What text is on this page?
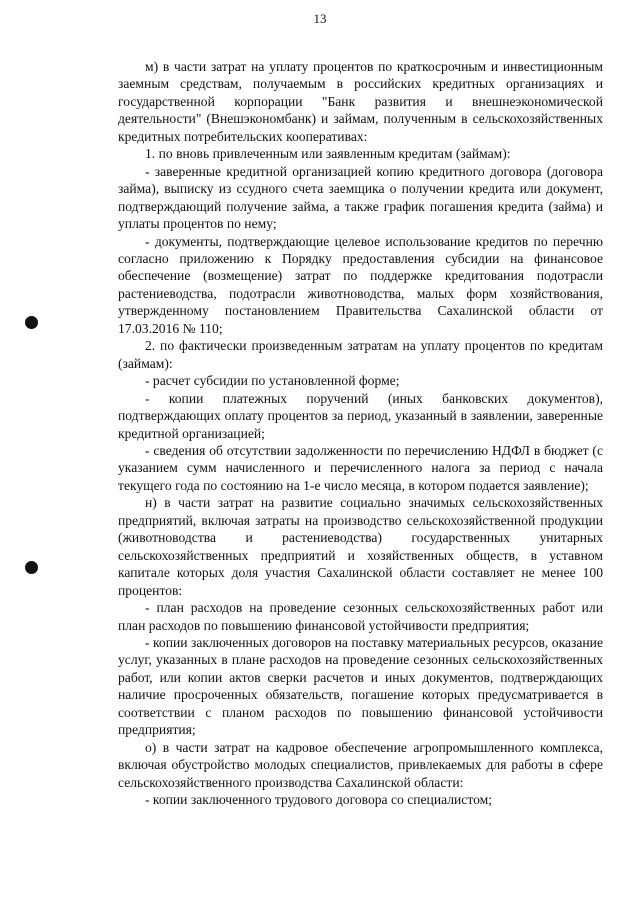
13

м) в части затрат на уплату процентов по краткосрочным и инвестиционным заемным средствам, получаемым в российских кредитных организациях и государственной корпорации "Банк развития и внешнеэкономической деятельности" (Внешэкономбанк) и займам, полученным в сельскохозяйственных кредитных потребительских кооперативах:

1. по вновь привлеченным или заявленным кредитам (займам):

- заверенные кредитной организацией копию кредитного договора (договора займа), выписку из ссудного счета заемщика о получении кредита или документ, подтверждающий получение займа, а также график погашения кредита (займа) и уплаты процентов по нему;

- документы, подтверждающие целевое использование кредитов по перечню согласно приложению к Порядку предоставления субсидии на финансовое обеспечение (возмещение) затрат по поддержке кредитования подотрасли растениеводства, подотрасли животноводства, малых форм хозяйствования, утвержденному постановлением Правительства Сахалинской области от 17.03.2016 № 110;

2. по фактически произведенным затратам на уплату процентов по кредитам (займам):

- расчет субсидии по установленной форме;

- копии платежных поручений (иных банковских документов), подтверждающих оплату процентов за период, указанный в заявлении, заверенные кредитной организацией;

- сведения об отсутствии задолженности по перечислению НДФЛ в бюджет (с указанием сумм начисленного и перечисленного налога за период с начала текущего года по состоянию на 1-е число месяца, в котором подается заявление);

н) в части затрат на развитие социально значимых сельскохозяйственных предприятий, включая затраты на производство сельскохозяйственной продукции (животноводства и растениеводства) государственных унитарных сельскохозяйственных предприятий и хозяйственных обществ, в уставном капитале которых доля участия Сахалинской области составляет не менее 100 процентов:

- план расходов на проведение сезонных сельскохозяйственных работ или план расходов по повышению финансовой устойчивости предприятия;

- копии заключенных договоров на поставку материальных ресурсов, оказание услуг, указанных в плане расходов на проведение сезонных сельскохозяйственных работ, или копии актов сверки расчетов и иных документов, подтверждающих наличие просроченных обязательств, погашение которых предусматривается в соответствии с планом расходов по повышению финансовой устойчивости предприятия;

о) в части затрат на кадровое обеспечение агропромышленного комплекса, включая обустройство молодых специалистов, привлекаемых для работы в сфере сельскохозяйственного производства Сахалинской области:

- копии заключенного трудового договора со специалистом;
